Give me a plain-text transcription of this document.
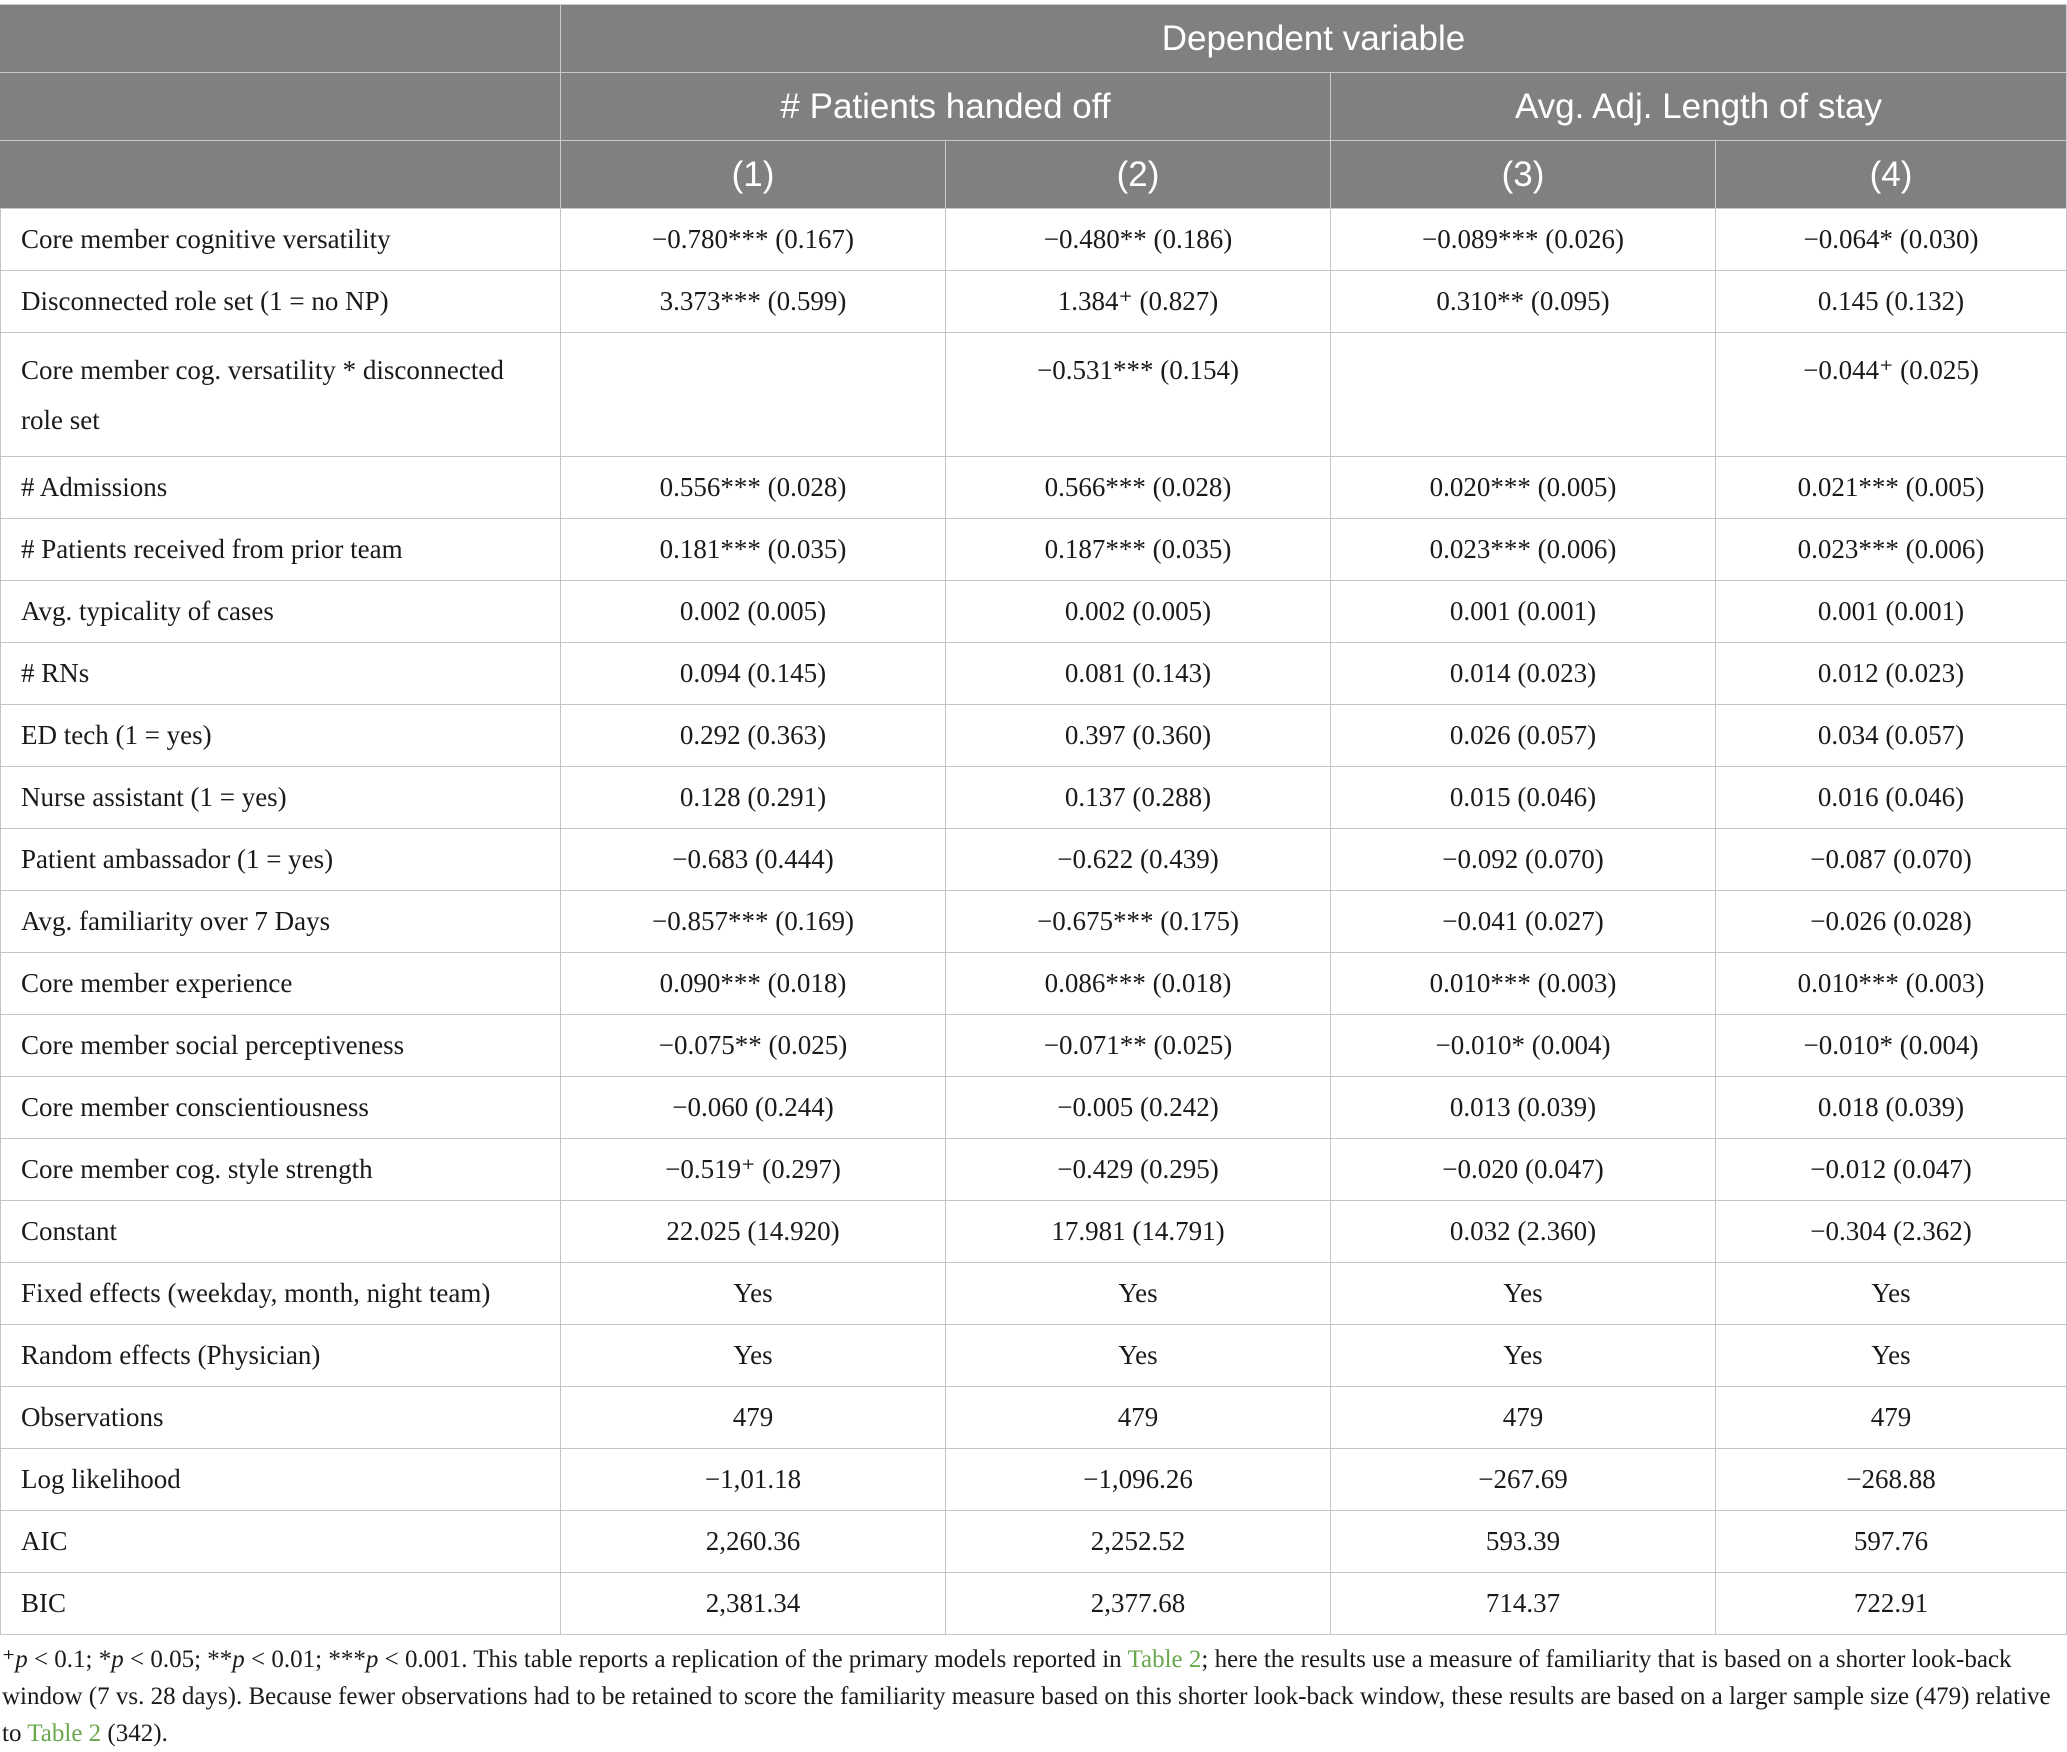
	Dependent variable			
	# Patients handed off		Avg. Adj. Length of stay	
	(1)	(2)	(3)	(4)
Core member cognitive versatility	−0.780*** (0.167)	−0.480** (0.186)	−0.089*** (0.026)	−0.064* (0.030)
Disconnected role set (1 = no NP)	3.373*** (0.599)	1.384⁺ (0.827)	0.310** (0.095)	0.145 (0.132)
Core member cog. versatility * disconnected role set		−0.531*** (0.154)		−0.044⁺ (0.025)
# Admissions	0.556*** (0.028)	0.566*** (0.028)	0.020*** (0.005)	0.021*** (0.005)
# Patients received from prior team	0.181*** (0.035)	0.187*** (0.035)	0.023*** (0.006)	0.023*** (0.006)
Avg. typicality of cases	0.002 (0.005)	0.002 (0.005)	0.001 (0.001)	0.001 (0.001)
# RNs	0.094 (0.145)	0.081 (0.143)	0.014 (0.023)	0.012 (0.023)
ED tech (1 = yes)	0.292 (0.363)	0.397 (0.360)	0.026 (0.057)	0.034 (0.057)
Nurse assistant (1 = yes)	0.128 (0.291)	0.137 (0.288)	0.015 (0.046)	0.016 (0.046)
Patient ambassador (1 = yes)	−0.683 (0.444)	−0.622 (0.439)	−0.092 (0.070)	−0.087 (0.070)
Avg. familiarity over 7 Days	−0.857*** (0.169)	−0.675*** (0.175)	−0.041 (0.027)	−0.026 (0.028)
Core member experience	0.090*** (0.018)	0.086*** (0.018)	0.010*** (0.003)	0.010*** (0.003)
Core member social perceptiveness	−0.075** (0.025)	−0.071** (0.025)	−0.010* (0.004)	−0.010* (0.004)
Core member conscientiousness	−0.060 (0.244)	−0.005 (0.242)	0.013 (0.039)	0.018 (0.039)
Core member cog. style strength	−0.519⁺ (0.297)	−0.429 (0.295)	−0.020 (0.047)	−0.012 (0.047)
Constant	22.025 (14.920)	17.981 (14.791)	0.032 (2.360)	−0.304 (2.362)
Fixed effects (weekday, month, night team)	Yes	Yes	Yes	Yes
Random effects (Physician)	Yes	Yes	Yes	Yes
Observations	479	479	479	479
Log likelihood	−1,01.18	−1,096.26	−267.69	−268.88
AIC	2,260.36	2,252.52	593.39	597.76
BIC	2,381.34	2,377.68	714.37	722.91
⁺p < 0.1; *p < 0.05; **p < 0.01; ***p < 0.001. This table reports a replication of the primary models reported in Table 2; here the results use a measure of familiarity that is based on a shorter look-back window (7 vs. 28 days). Because fewer observations had to be retained to score the familiarity measure based on this shorter look-back window, these results are based on a larger sample size (479) relative to Table 2 (342).
